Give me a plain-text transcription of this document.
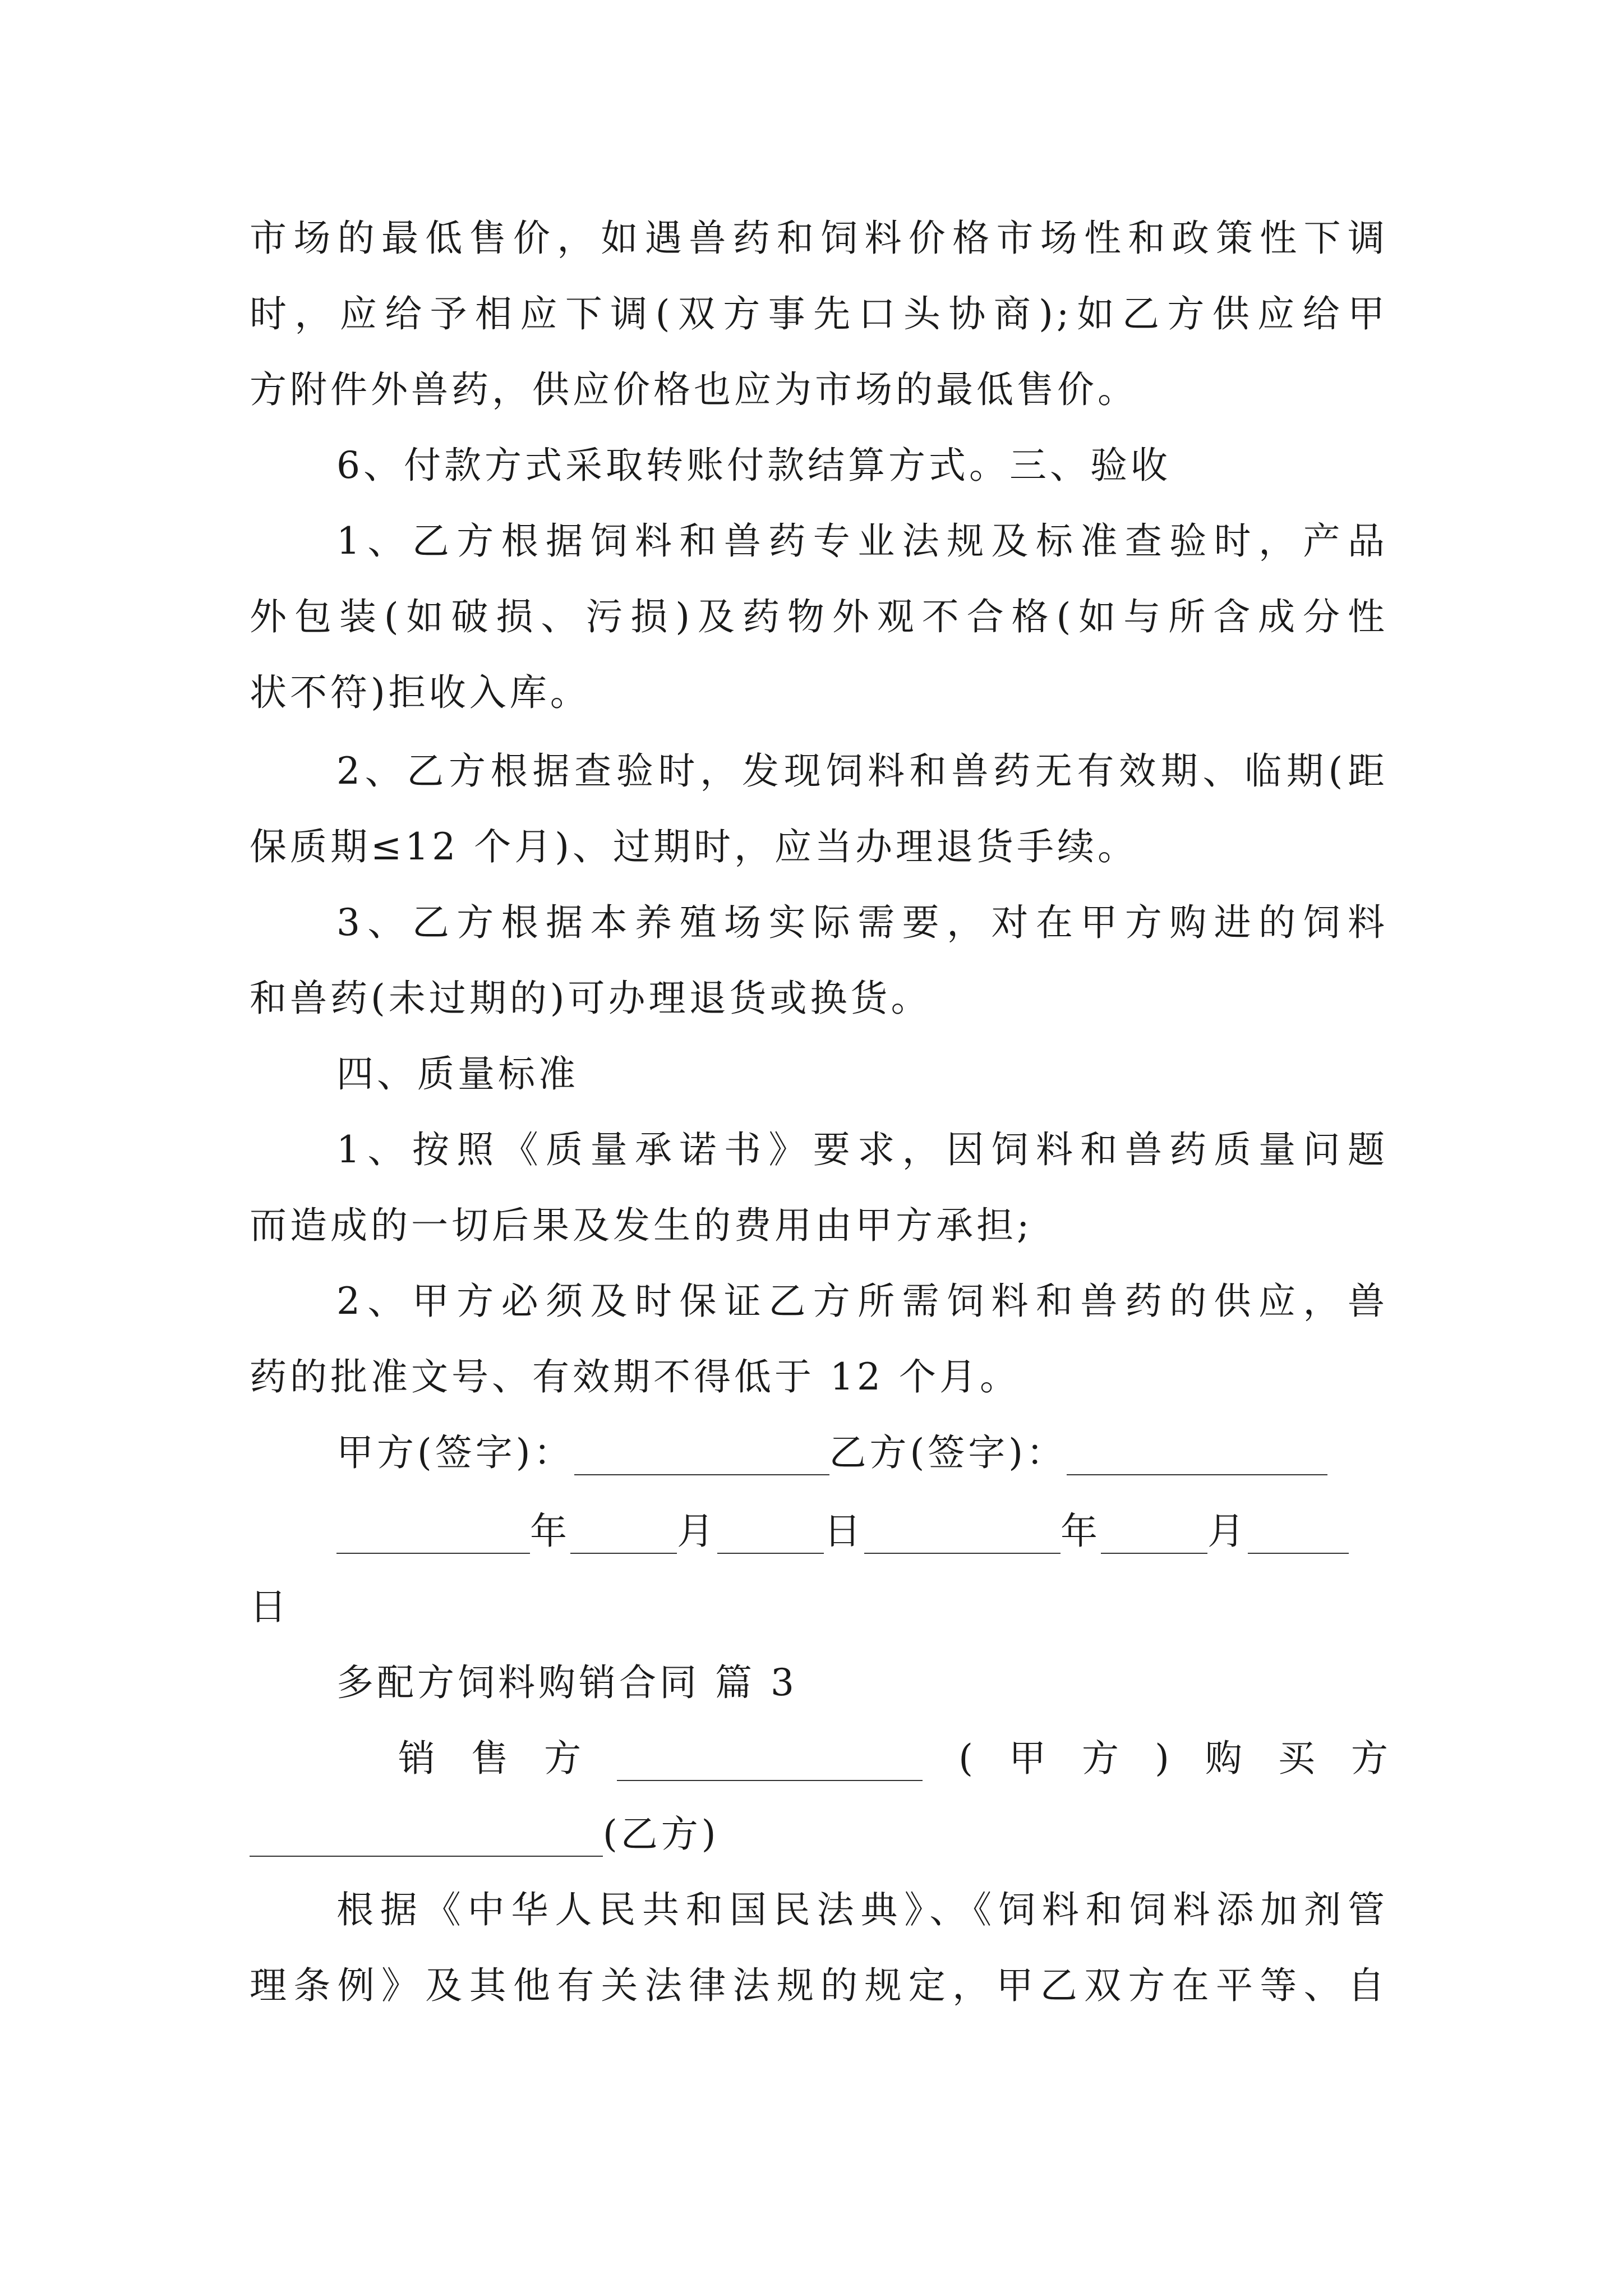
市场的最低售价，如遇兽药和饲料价格市场性和政策性下调
时，应给予相应下调(双方事先口头协商);如乙方供应给甲
方附件外兽药，供应价格也应为市场的最低售价。
6、付款方式采取转账付款结算方式。三、验收
1、乙方根据饲料和兽药专业法规及标准查验时，产品
外包装(如破损、污损)及药物外观不合格(如与所含成分性
状不符)拒收入库。
2、乙方根据查验时，发现饲料和兽药无有效期、临期(距
保质期≤12 个月)、过期时，应当办理退货手续。
3、乙方根据本养殖场实际需要，对在甲方购进的饲料
和兽药(未过期的)可办理退货或换货。
四、质量标准
1、按照《质量承诺书》要求，因饲料和兽药质量问题
而造成的一切后果及发生的费用由甲方承担;
2、甲方必须及时保证乙方所需饲料和兽药的供应，兽
药的批准文号、有效期不得低于 12 个月。
甲方(签字)：	乙方(签字)：
年	月	日	年	月
日
多配方饲料购销合同 篇 3
销 售 方	( 甲 方 ) 购 买 方
(乙方)
根据《中华人民共和国民法典》、《饲料和饲料添加剂管
理条例》及其他有关法律法规的规定，甲乙双方在平等、自
